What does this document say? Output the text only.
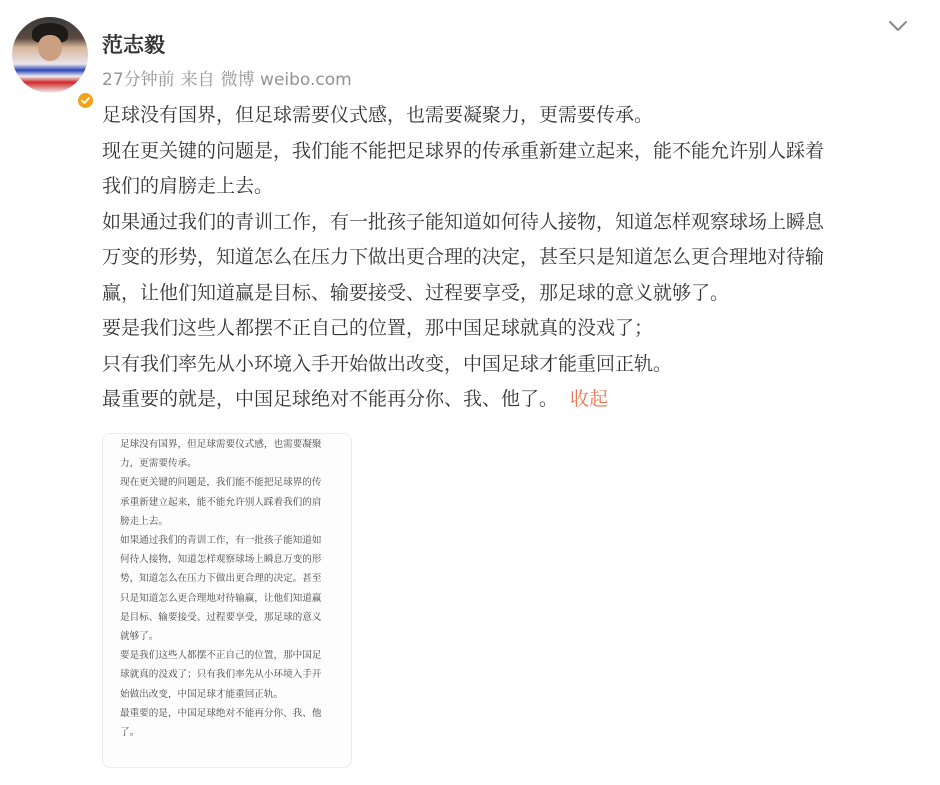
范志毅
27分钟前 来自 微博 weibo.com

足球没有国界，但足球需要仪式感，也需要凝聚力，更需要传承。

现在更关键的问题是，我们能不能把足球界的传承重新建立起来，能不能允许别人踩着

我们的肩膀走上去。

如果通过我们的青训工作，有一批孩子能知道如何待人接物，知道怎样观察球场上瞬息

万变的形势，知道怎么在压力下做出更合理的决定，甚至只是知道怎么更合理地对待输

赢，让他们知道赢是目标、输要接受、过程要享受，那足球的意义就够了。

要是我们这些人都摆不正自己的位置，那中国足球就真的没戏了；

只有我们率先从小环境入手开始做出改变，中国足球才能重回正轨。

最重要的就是，中国足球绝对不能再分你、我、他了。 收起

足球没有国界，但足球需要仪式感，也需要凝聚
力，更需要传承。
现在更关键的问题是，我们能不能把足球界的传
承重新建立起来，能不能允许别人踩着我们的肩
膀走上去。
如果通过我们的青训工作，有一批孩子能知道如
何待人接物，知道怎样观察球场上瞬息万变的形
势，知道怎么在压力下做出更合理的决定。甚至
只是知道怎么更合理地对待输赢，让他们知道赢
是目标、输要接受、过程要享受，那足球的意义
就够了。
要是我们这些人都摆不正自己的位置，那中国足
球就真的没戏了；只有我们率先从小环境入手开
始做出改变，中国足球才能重回正轨。
最重要的是，中国足球绝对不能再分你、我、他
了。
